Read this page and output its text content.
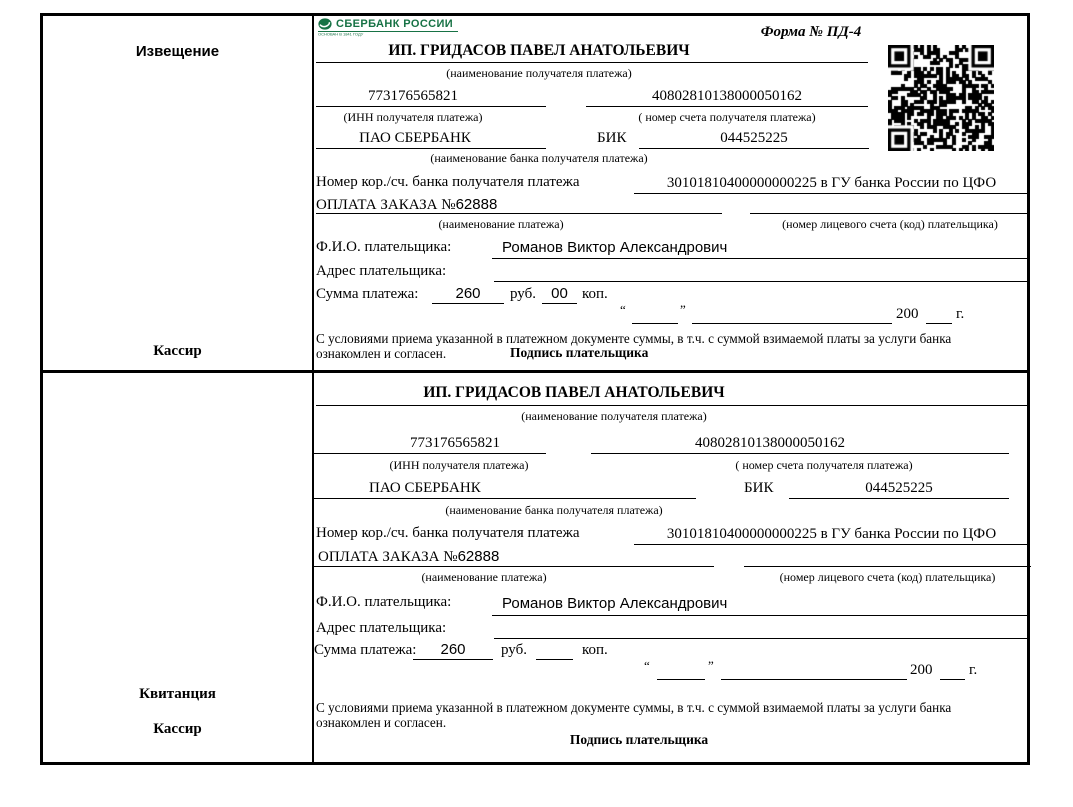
Извещение
Кассир
СБЕРБАНК РОССИИ
ОСНОВАН В 1841 ГОДУ	Форма № ПД-4
ИП. ГРИДАСОВ ПАВЕЛ АНАТОЛЬЕВИЧ
(наименование получателя платежа)
773176565821	40802810138000050162
(ИНН получателя платежа)	( номер счета получателя платежа)
ПАО СБЕРБАНК	БИК	044525225
(наименование банка получателя платежа)
Номер кор./сч. банка получателя платежа	30101810400000000225 в ГУ банка России по ЦФО
ОПЛАТА ЗАКАЗА №62888
(наименование платежа)	(номер лицевого счета (код) плательщика)
Ф.И.О. плательщика:	Романов Виктор Александрович
Адрес плательщика:
Сумма платежа:	260	руб.	00 коп.
“	”	200	г.
С условиями приема указанной в платежном документе суммы, в т.ч. с суммой взимаемой платы за услуги банка
ознакомлен и согласен.	Подпись плательщика
Квитанция
Кассир
ИП. ГРИДАСОВ ПАВЕЛ АНАТОЛЬЕВИЧ
(наименование получателя платежа)
773176565821	40802810138000050162
(ИНН получателя платежа)	( номер счета получателя платежа)
ПАО СБЕРБАНК	БИК	044525225
(наименование банка получателя платежа)
Номер кор./сч. банка получателя платежа	30101810400000000225 в ГУ банка России по ЦФО
ОПЛАТА ЗАКАЗА №62888
(наименование платежа)	(номер лицевого счета (код) плательщика)
Ф.И.О. плательщика:	Романов Виктор Александрович
Адрес плательщика:
Сумма платежа:	260	руб.	коп.
“	”	200 г.
С условиями приема указанной в платежном документе суммы, в т.ч. с суммой взимаемой платы за услуги банка
ознакомлен и согласен.
Подпись плательщика
